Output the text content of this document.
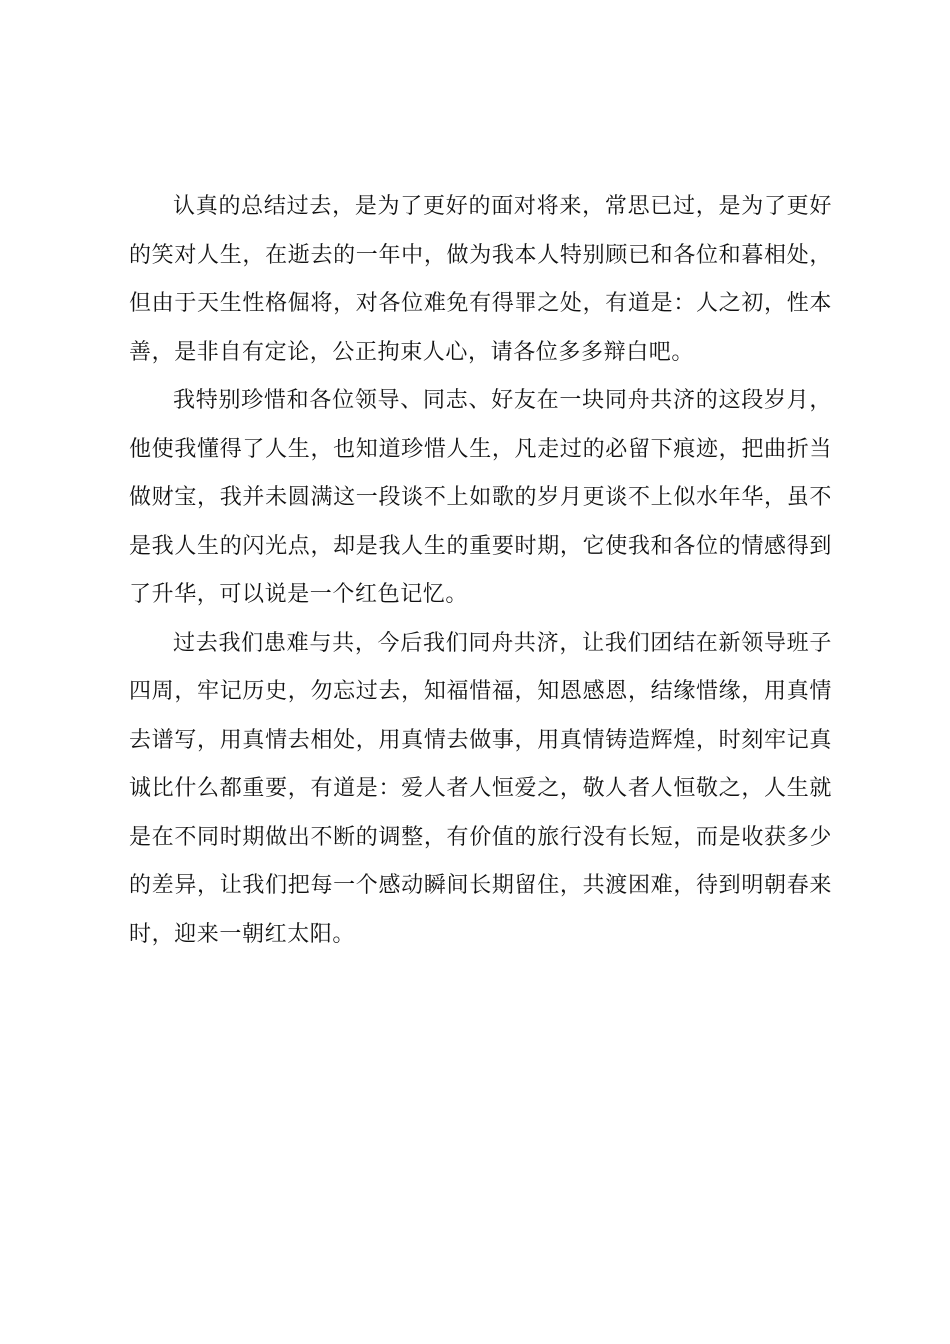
认真的总结过去，是为了更好的面对将来，常思已过，是为了更好的笑对人生，在逝去的一年中，做为我本人特别顾已和各位和暮相处，但由于天生性格倔将，对各位难免有得罪之处，有道是：人之初，性本善，是非自有定论，公正拘束人心，请各位多多辩白吧。

我特别珍惜和各位领导、同志、好友在一块同舟共济的这段岁月，他使我懂得了人生，也知道珍惜人生，凡走过的必留下痕迹，把曲折当做财宝，我并未圆满这一段谈不上如歌的岁月更谈不上似水年华，虽不是我人生的闪光点，却是我人生的重要时期，它使我和各位的情感得到了升华，可以说是一个红色记忆。

过去我们患难与共，今后我们同舟共济，让我们团结在新领导班子四周，牢记历史，勿忘过去，知福惜福，知恩感恩，结缘惜缘，用真情去谱写，用真情去相处，用真情去做事，用真情铸造辉煌，时刻牢记真诚比什么都重要，有道是：爱人者人恒爱之，敬人者人恒敬之，人生就是在不同时期做出不断的调整，有价值的旅行没有长短，而是收获多少的差异，让我们把每一个感动瞬间长期留住，共渡困难，待到明朝春来时，迎来一朝红太阳。
